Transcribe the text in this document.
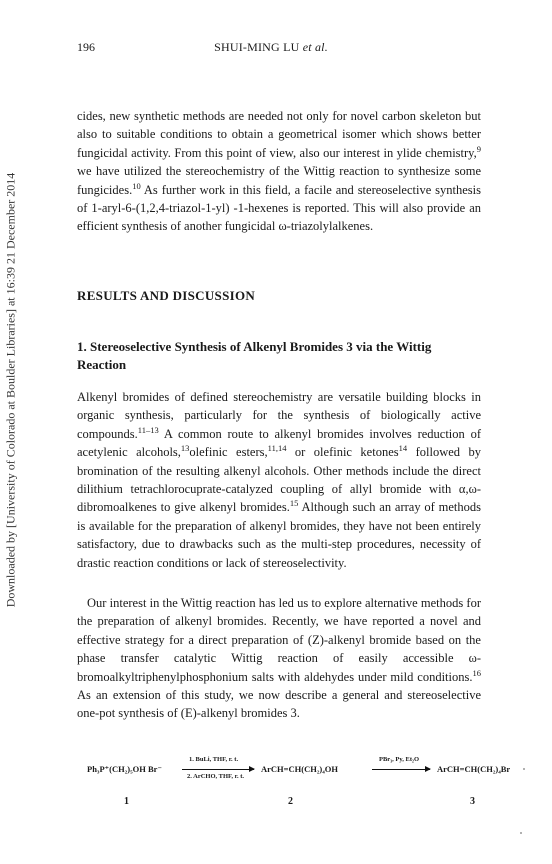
Downloaded by [University of Colorado at Boulder Libraries] at 16:39 21 December 2014
196	SHUI-MING LU et al.
cides, new synthetic methods are needed not only for novel carbon skeleton but also to suitable conditions to obtain a geometrical isomer which shows better fungicidal activity. From this point of view, also our interest in ylide chemistry,$^9$ we have utilized the stereochemistry of the Wittig reaction to synthesize some fungicides.$^{10}$ As further work in this field, a facile and stereoselective synthesis of 1-aryl-6-(1,2,4-triazol-1-yl) -1-hexenes is reported. This will also provide an efficient synthesis of another fungicidal ω-triazolylalkenes.
RESULTS AND DISCUSSION
1. Stereoselective Synthesis of Alkenyl Bromides 3 via the Wittig Reaction
Alkenyl bromides of defined stereochemistry are versatile building blocks in organic synthesis, particularly for the synthesis of biologically active compounds.$^{11-13}$ A common route to alkenyl bromides involves reduction of acetylenic alcohols,$^{13}$olefinic esters,$^{11,14}$ or olefinic ketones$^{14}$ followed by bromination of the resulting alkenyl alcohols. Other methods include the direct dilithium tetrachlorocuprate-catalyzed coupling of allyl bromide with α,ω-dibromoalkenes to give alkenyl bromides.$^{15}$ Although such an array of methods is available for the preparation of alkenyl bromides, they have not been entirely satisfactory, due to drawbacks such as the multi-step procedures, necessity of drastic reaction conditions or lack of stereoselectivity.
Our interest in the Wittig reaction has led us to explore alternative methods for the preparation of alkenyl bromides. Recently, we have reported a novel and effective strategy for a direct preparation of (Z)-alkenyl bromide based on the phase transfer catalytic Wittig reaction of easily accessible ω-bromoalkyltriphenylphosphonium salts with aldehydes under mild conditions.$^{16}$ As an extension of this study, we now describe a general and stereoselective one-pot synthesis of (E)-alkenyl bromides 3.
Ph₃P⁺(CH₂)₅OH Br⁻
1. BuLi, THF, r. t.
2. ArCHO, THF, r. t.
ArCH=CH(CH₂)₄OH
PBr₃, Py, Et₂O
ArCH=CH(CH₂)₄Br
1	2	3
